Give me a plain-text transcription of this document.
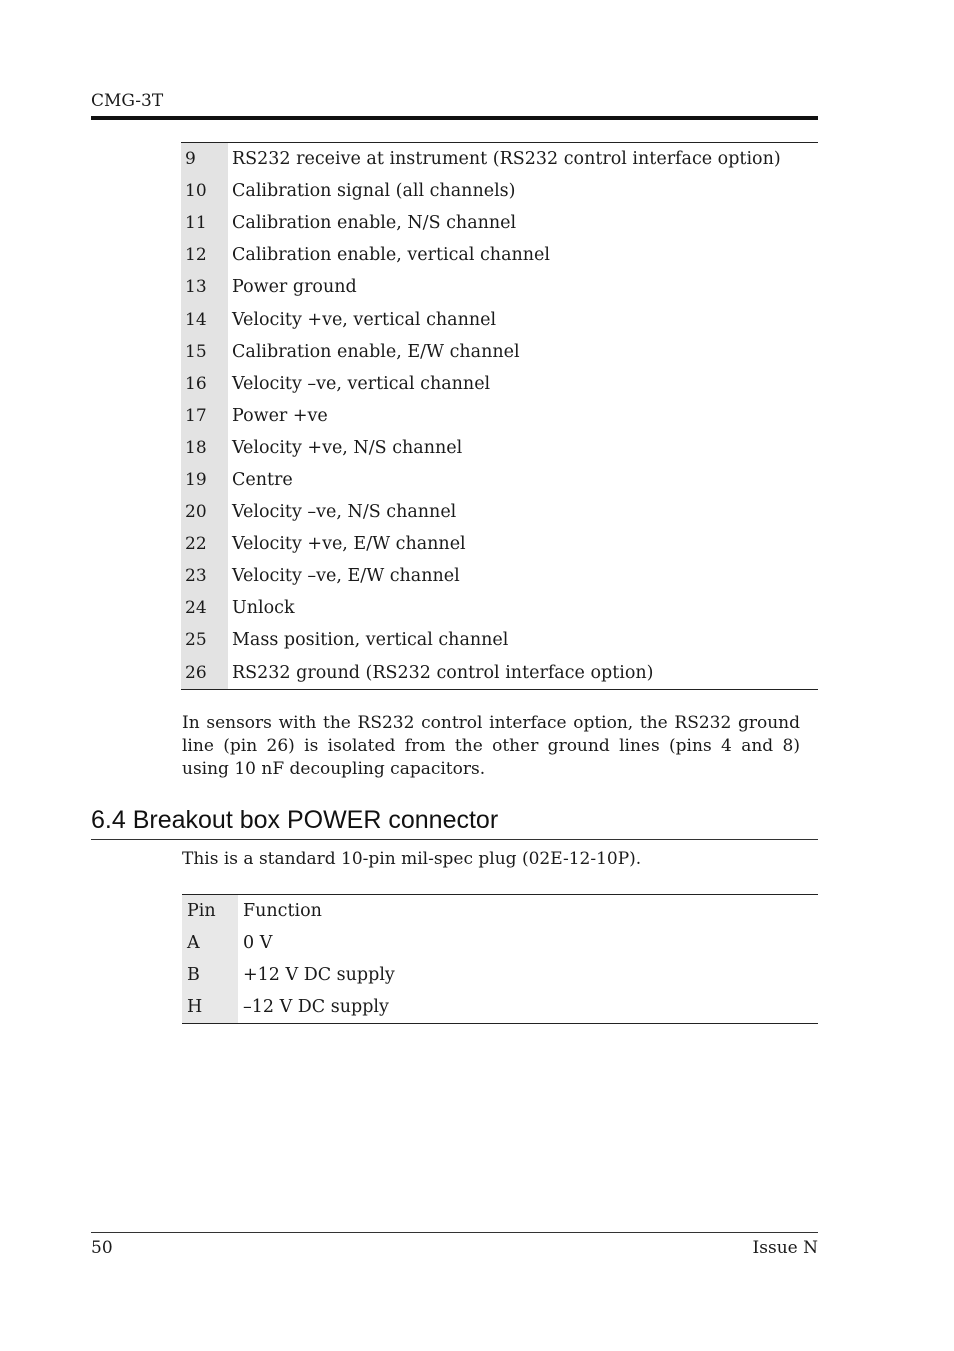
CMG-3T
9	RS232 receive at instrument (RS232 control interface option)
10	Calibration signal (all channels)
11	Calibration enable, N/S channel
12	Calibration enable, vertical channel
13	Power ground
14	Velocity +ve, vertical channel
15	Calibration enable, E/W channel
16	Velocity –ve, vertical channel
17	Power +ve
18	Velocity +ve, N/S channel
19	Centre
20	Velocity –ve, N/S channel
22	Velocity +ve, E/W channel
23	Velocity –ve, E/W channel
24	Unlock
25	Mass position, vertical channel
26	RS232 ground (RS232 control interface option)

In sensors with the RS232 control interface option, the RS232 ground line (pin 26) is isolated from the other ground lines (pins 4 and 8) using 10 nF decoupling capacitors.

6.4 Breakout box POWER connector

This is a standard 10-pin mil-spec plug (02E-12-10P).

Pin	Function
A	0 V
B	+12 V DC supply
H	–12 V DC supply
50	Issue N
